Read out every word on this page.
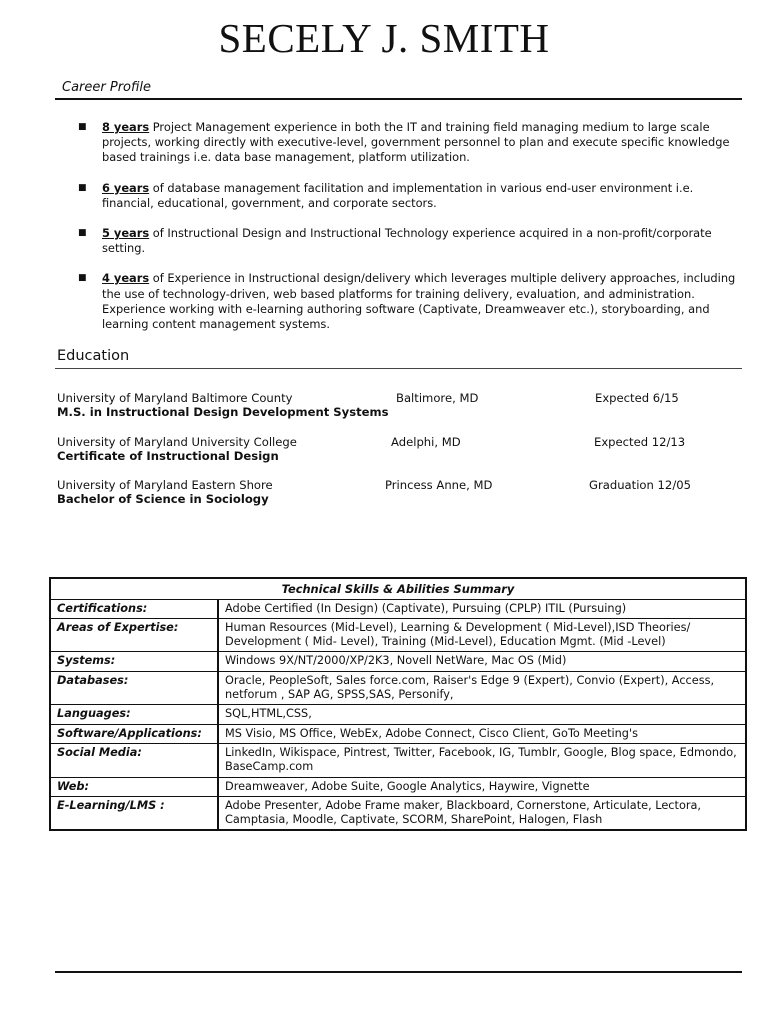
SECELY J. SMITH
Career Profile
■ 8 years Project Management experience in both the IT and training field managing medium to large scale projects, working directly with executive-level, government personnel to plan and execute specific knowledge based trainings i.e. data base management, platform utilization.
■ 6 years of database management facilitation and implementation in various end-user environment i.e. financial, educational, government, and corporate sectors.
■ 5 years of Instructional Design and Instructional Technology experience acquired in a non-profit/corporate setting.
■ 4 years of Experience in Instructional design/delivery which leverages multiple delivery approaches, including the use of technology-driven, web based platforms for training delivery, evaluation, and administration. Experience working with e-learning authoring software (Captivate, Dreamweaver etc.), storyboarding, and learning content management systems.
Education
University of Maryland Baltimore County	Baltimore, MD	Expected 6/15
M.S. in Instructional Design Development Systems
University of Maryland University College	Adelphi, MD	Expected 12/13
Certificate of Instructional Design
University of Maryland Eastern Shore	Princess Anne, MD	Graduation 12/05
Bachelor of Science in Sociology
Technical Skills & Abilities Summary	
Certifications:	Adobe Certified (In Design) (Captivate), Pursuing (CPLP) ITIL (Pursuing)
Areas of Expertise:	Human Resources (Mid-Level), Learning & Development ( Mid-Level),ISD Theories/ Development ( Mid- Level), Training (Mid-Level), Education Mgmt. (Mid -Level)
Systems:	Windows 9X/NT/2000/XP/2K3, Novell NetWare, Mac OS (Mid)
Databases:	Oracle, PeopleSoft, Sales force.com, Raiser's Edge 9 (Expert), Convio (Expert), Access, netforum , SAP AG, SPSS,SAS, Personify,
Languages:	SQL,HTML,CSS,
Software/Applications:	MS Visio, MS Office, WebEx, Adobe Connect, Cisco Client, GoTo Meeting's
Social Media:	LinkedIn, Wikispace, Pintrest, Twitter, Facebook, IG, Tumblr, Google, Blog space, Edmondo, BaseCamp.com
Web:	Dreamweaver, Adobe Suite, Google Analytics, Haywire, Vignette
E-Learning/LMS :	Adobe Presenter, Adobe Frame maker, Blackboard, Cornerstone, Articulate, Lectora, Camptasia, Moodle, Captivate, SCORM, SharePoint, Halogen, Flash
